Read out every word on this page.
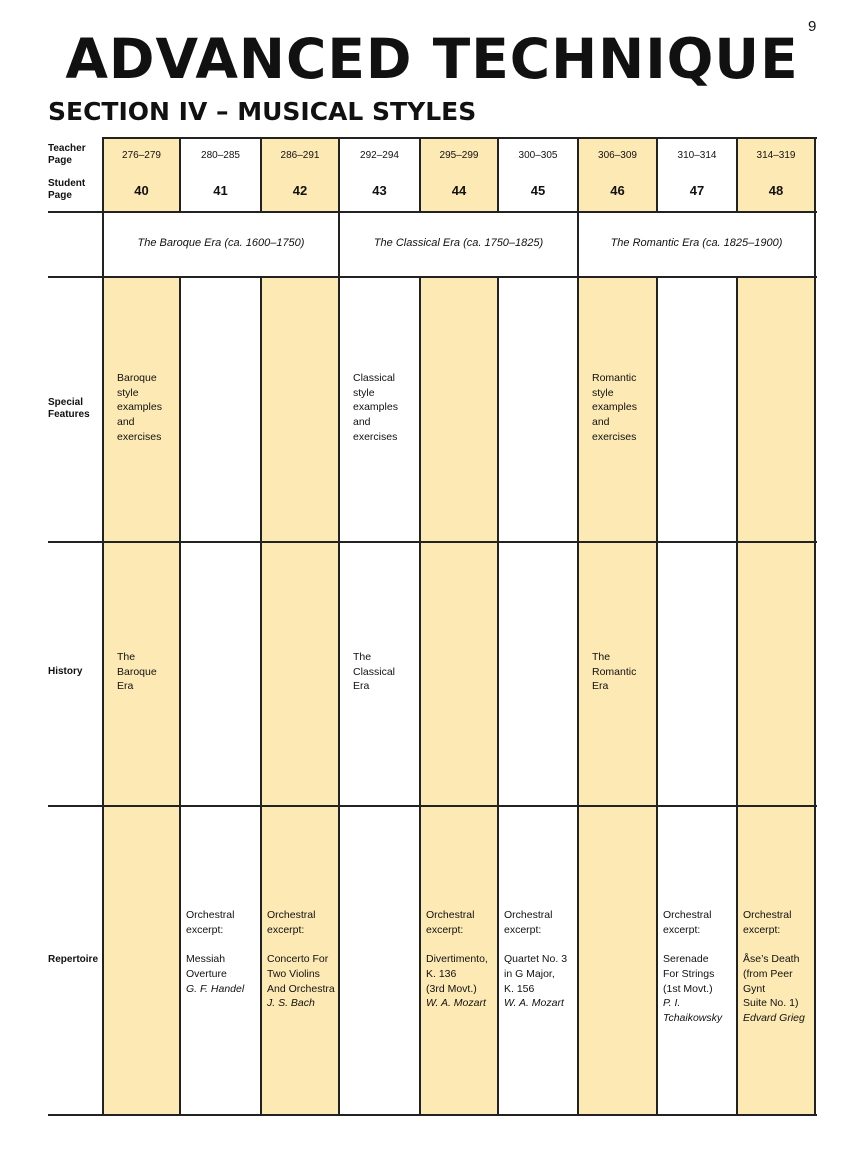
9
ADVANCED TECHNIQUE
SECTION IV – MUSICAL STYLES
Teacher Page
Student Page
Special Features
History
Repertoire
276–279
40
280–285
41
286–291
42
292–294
43
295–299
44
300–305
45
306–309
46
310–314
47
314–319
48
The Baroque Era (ca. 1600–1750)	The Classical Era (ca. 1750–1825)	The Romantic Era (ca. 1825–1900)
Baroque
style
examples
and
exercises
Classical
style
examples
and
exercises
Romantic
style
examples
and
exercises
The
Baroque
Era
The
Classical
Era
The
Romantic
Era
Orchestral
excerpt:

Messiah
Overture
G. F. Handel
Orchestral
excerpt:

Concerto For
Two Violins
And Orchestra
J. S. Bach
Orchestral
excerpt:

Divertimento,
K. 136
(3rd Movt.)
W. A. Mozart
Orchestral
excerpt:

Quartet No. 3
in G Major,
K. 156
W. A. Mozart
Orchestral
excerpt:

Serenade
For Strings
(1st Movt.)
P. I. Tchaikowsky
Orchestral
excerpt:

Åse’s Death
(from Peer Gynt
Suite No. 1)
Edvard Grieg
